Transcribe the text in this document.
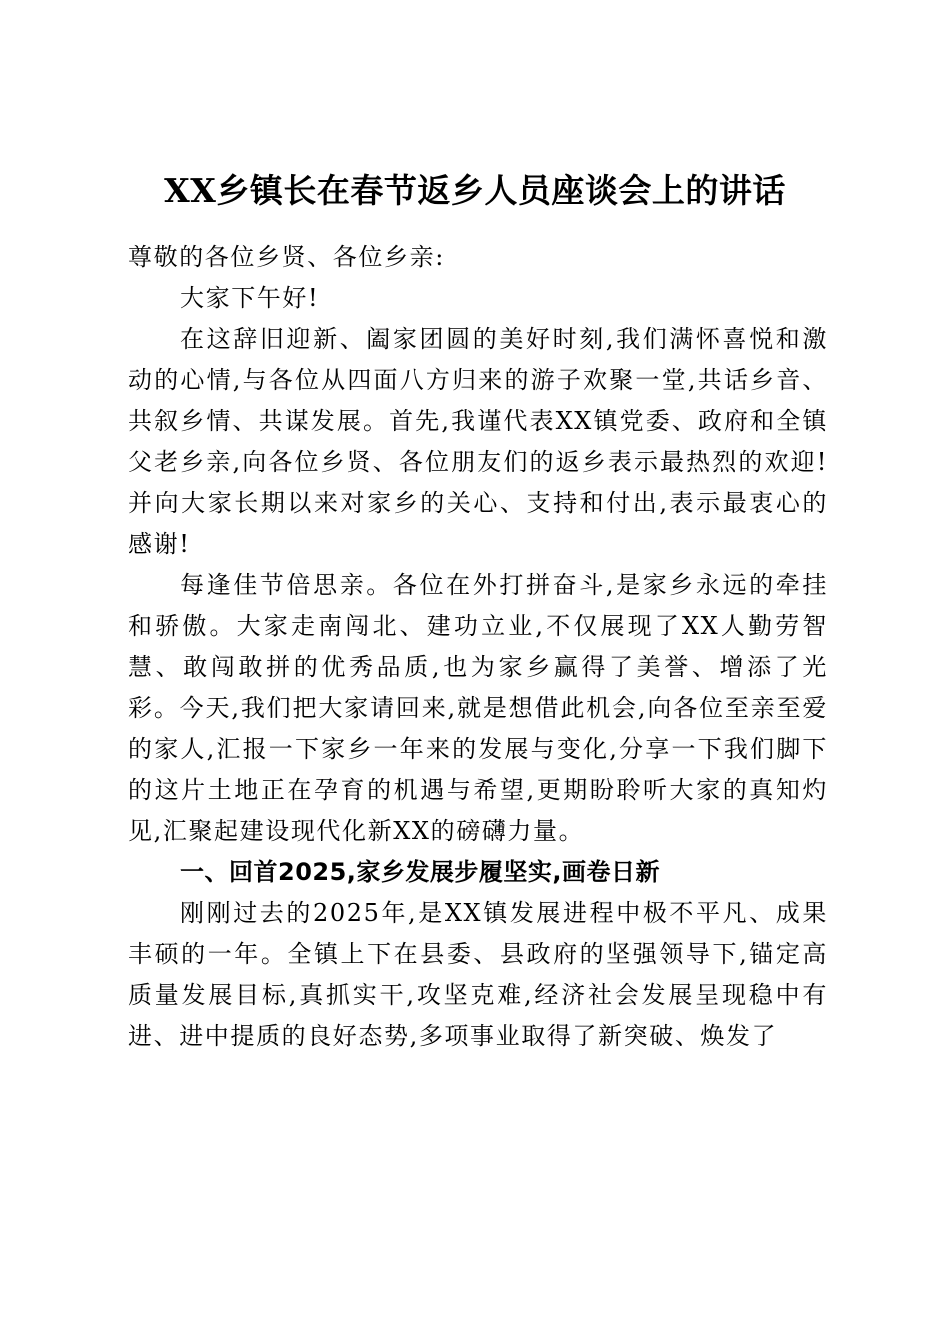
XX乡镇长在春节返乡人员座谈会上的讲话

尊敬的各位乡贤、各位乡亲:

大家下午好!

在这辞旧迎新、阖家团圆的美好时刻,我们满怀喜悦和激动的心情,与各位从四面八方归来的游子欢聚一堂,共话乡音、共叙乡情、共谋发展。首先,我谨代表XX镇党委、政府和全镇父老乡亲,向各位乡贤、各位朋友们的返乡表示最热烈的欢迎!并向大家长期以来对家乡的关心、支持和付出,表示最衷心的感谢!

每逢佳节倍思亲。各位在外打拼奋斗,是家乡永远的牵挂和骄傲。大家走南闯北、建功立业,不仅展现了XX人勤劳智慧、敢闯敢拼的优秀品质,也为家乡赢得了美誉、增添了光彩。今天,我们把大家请回来,就是想借此机会,向各位至亲至爱的家人,汇报一下家乡一年来的发展与变化,分享一下我们脚下的这片土地正在孕育的机遇与希望,更期盼聆听大家的真知灼见,汇聚起建设现代化新XX的磅礴力量。

一、回首2025,家乡发展步履坚实,画卷日新

刚刚过去的2025年,是XX镇发展进程中极不平凡、成果丰硕的一年。全镇上下在县委、县政府的坚强领导下,锚定高质量发展目标,真抓实干,攻坚克难,经济社会发展呈现稳中有进、进中提质的良好态势,多项事业取得了新突破、焕发了
